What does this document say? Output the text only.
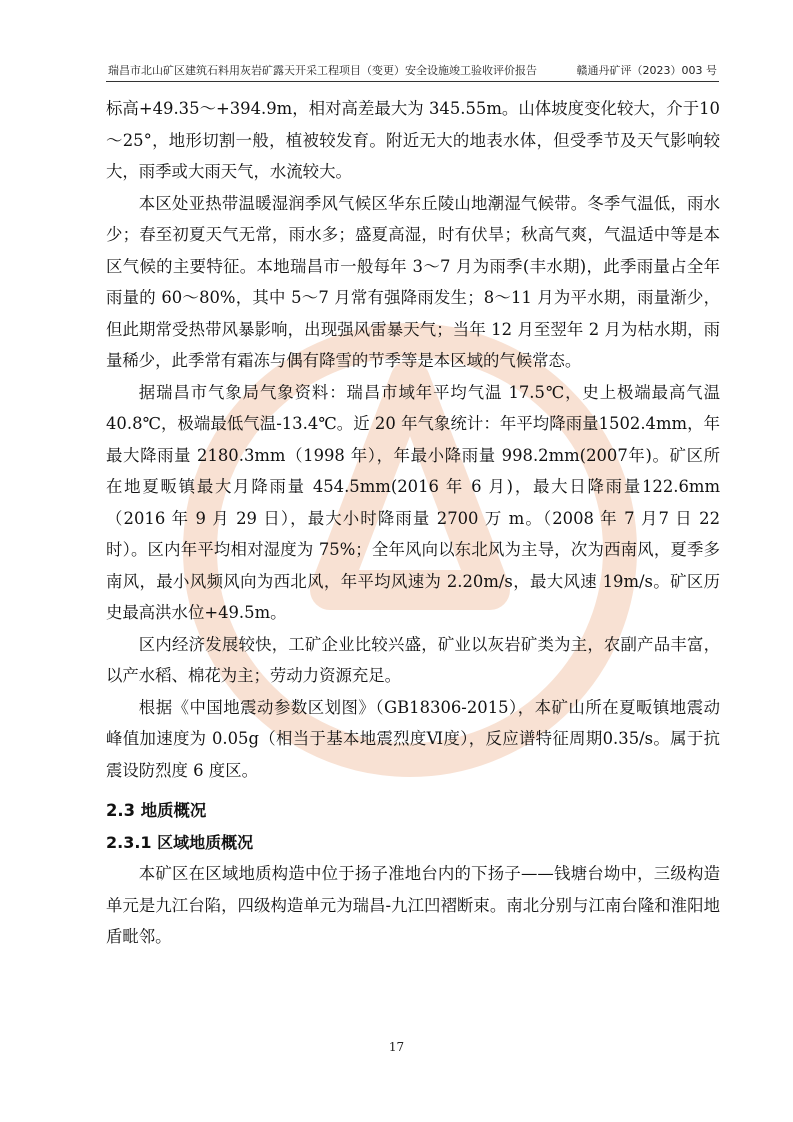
瑞昌市北山矿区建筑石料用灰岩矿露天开采工程项目（变更）安全设施竣工验收评价报告	赣通丹矿评（2023）003 号

标高+49.35～+394.9m，相对高差最大为 345.55m。山体坡度变化较大，介于10～25°，地形切割一般，植被较发育。附近无大的地表水体，但受季节及天气影响较大，雨季或大雨天气，水流较大。

本区处亚热带温暖湿润季风气候区华东丘陵山地潮湿气候带。冬季气温低，雨水少；春至初夏天气无常，雨水多；盛夏高湿，时有伏旱；秋高气爽，气温适中等是本区气候的主要特征。本地瑞昌市一般每年 3～7 月为雨季(丰水期)，此季雨量占全年雨量的 60～80%，其中 5～7 月常有强降雨发生；8～11 月为平水期，雨量渐少，但此期常受热带风暴影响，出现强风雷暴天气；当年 12 月至翌年 2 月为枯水期，雨量稀少，此季常有霜冻与偶有降雪的节季等是本区域的气候常态。

据瑞昌市气象局气象资料：瑞昌市域年平均气温 17.5℃，史上极端最高气温 40.8℃，极端最低气温-13.4℃。近 20 年气象统计：年平均降雨量1502.4mm，年最大降雨量 2180.3mm（1998 年），年最小降雨量 998.2mm(2007年)。矿区所在地夏畈镇最大月降雨量 454.5mm(2016 年 6 月)，最大日降雨量122.6mm（2016 年 9 月 29 日），最大小时降雨量 2700 万 m。（2008 年 7 月7 日 22 时）。区内年平均相对湿度为 75%；全年风向以东北风为主导，次为西南风，夏季多南风，最小风频风向为西北风，年平均风速为 2.20m/s，最大风速 19m/s。矿区历史最高洪水位+49.5m。

区内经济发展较快，工矿企业比较兴盛，矿业以灰岩矿类为主，农副产品丰富，以产水稻、棉花为主；劳动力资源充足。

根据《中国地震动参数区划图》（GB18306-2015），本矿山所在夏畈镇地震动峰值加速度为 0.05g（相当于基本地震烈度Ⅵ度），反应谱特征周期0.35/s。属于抗震设防烈度 6 度区。

2.3 地质概况
2.3.1 区域地质概况

本矿区在区域地质构造中位于扬子准地台内的下扬子——钱塘台坳中，三级构造单元是九江台陷，四级构造单元为瑞昌-九江凹褶断束。南北分别与江南台隆和淮阳地盾毗邻。

17
